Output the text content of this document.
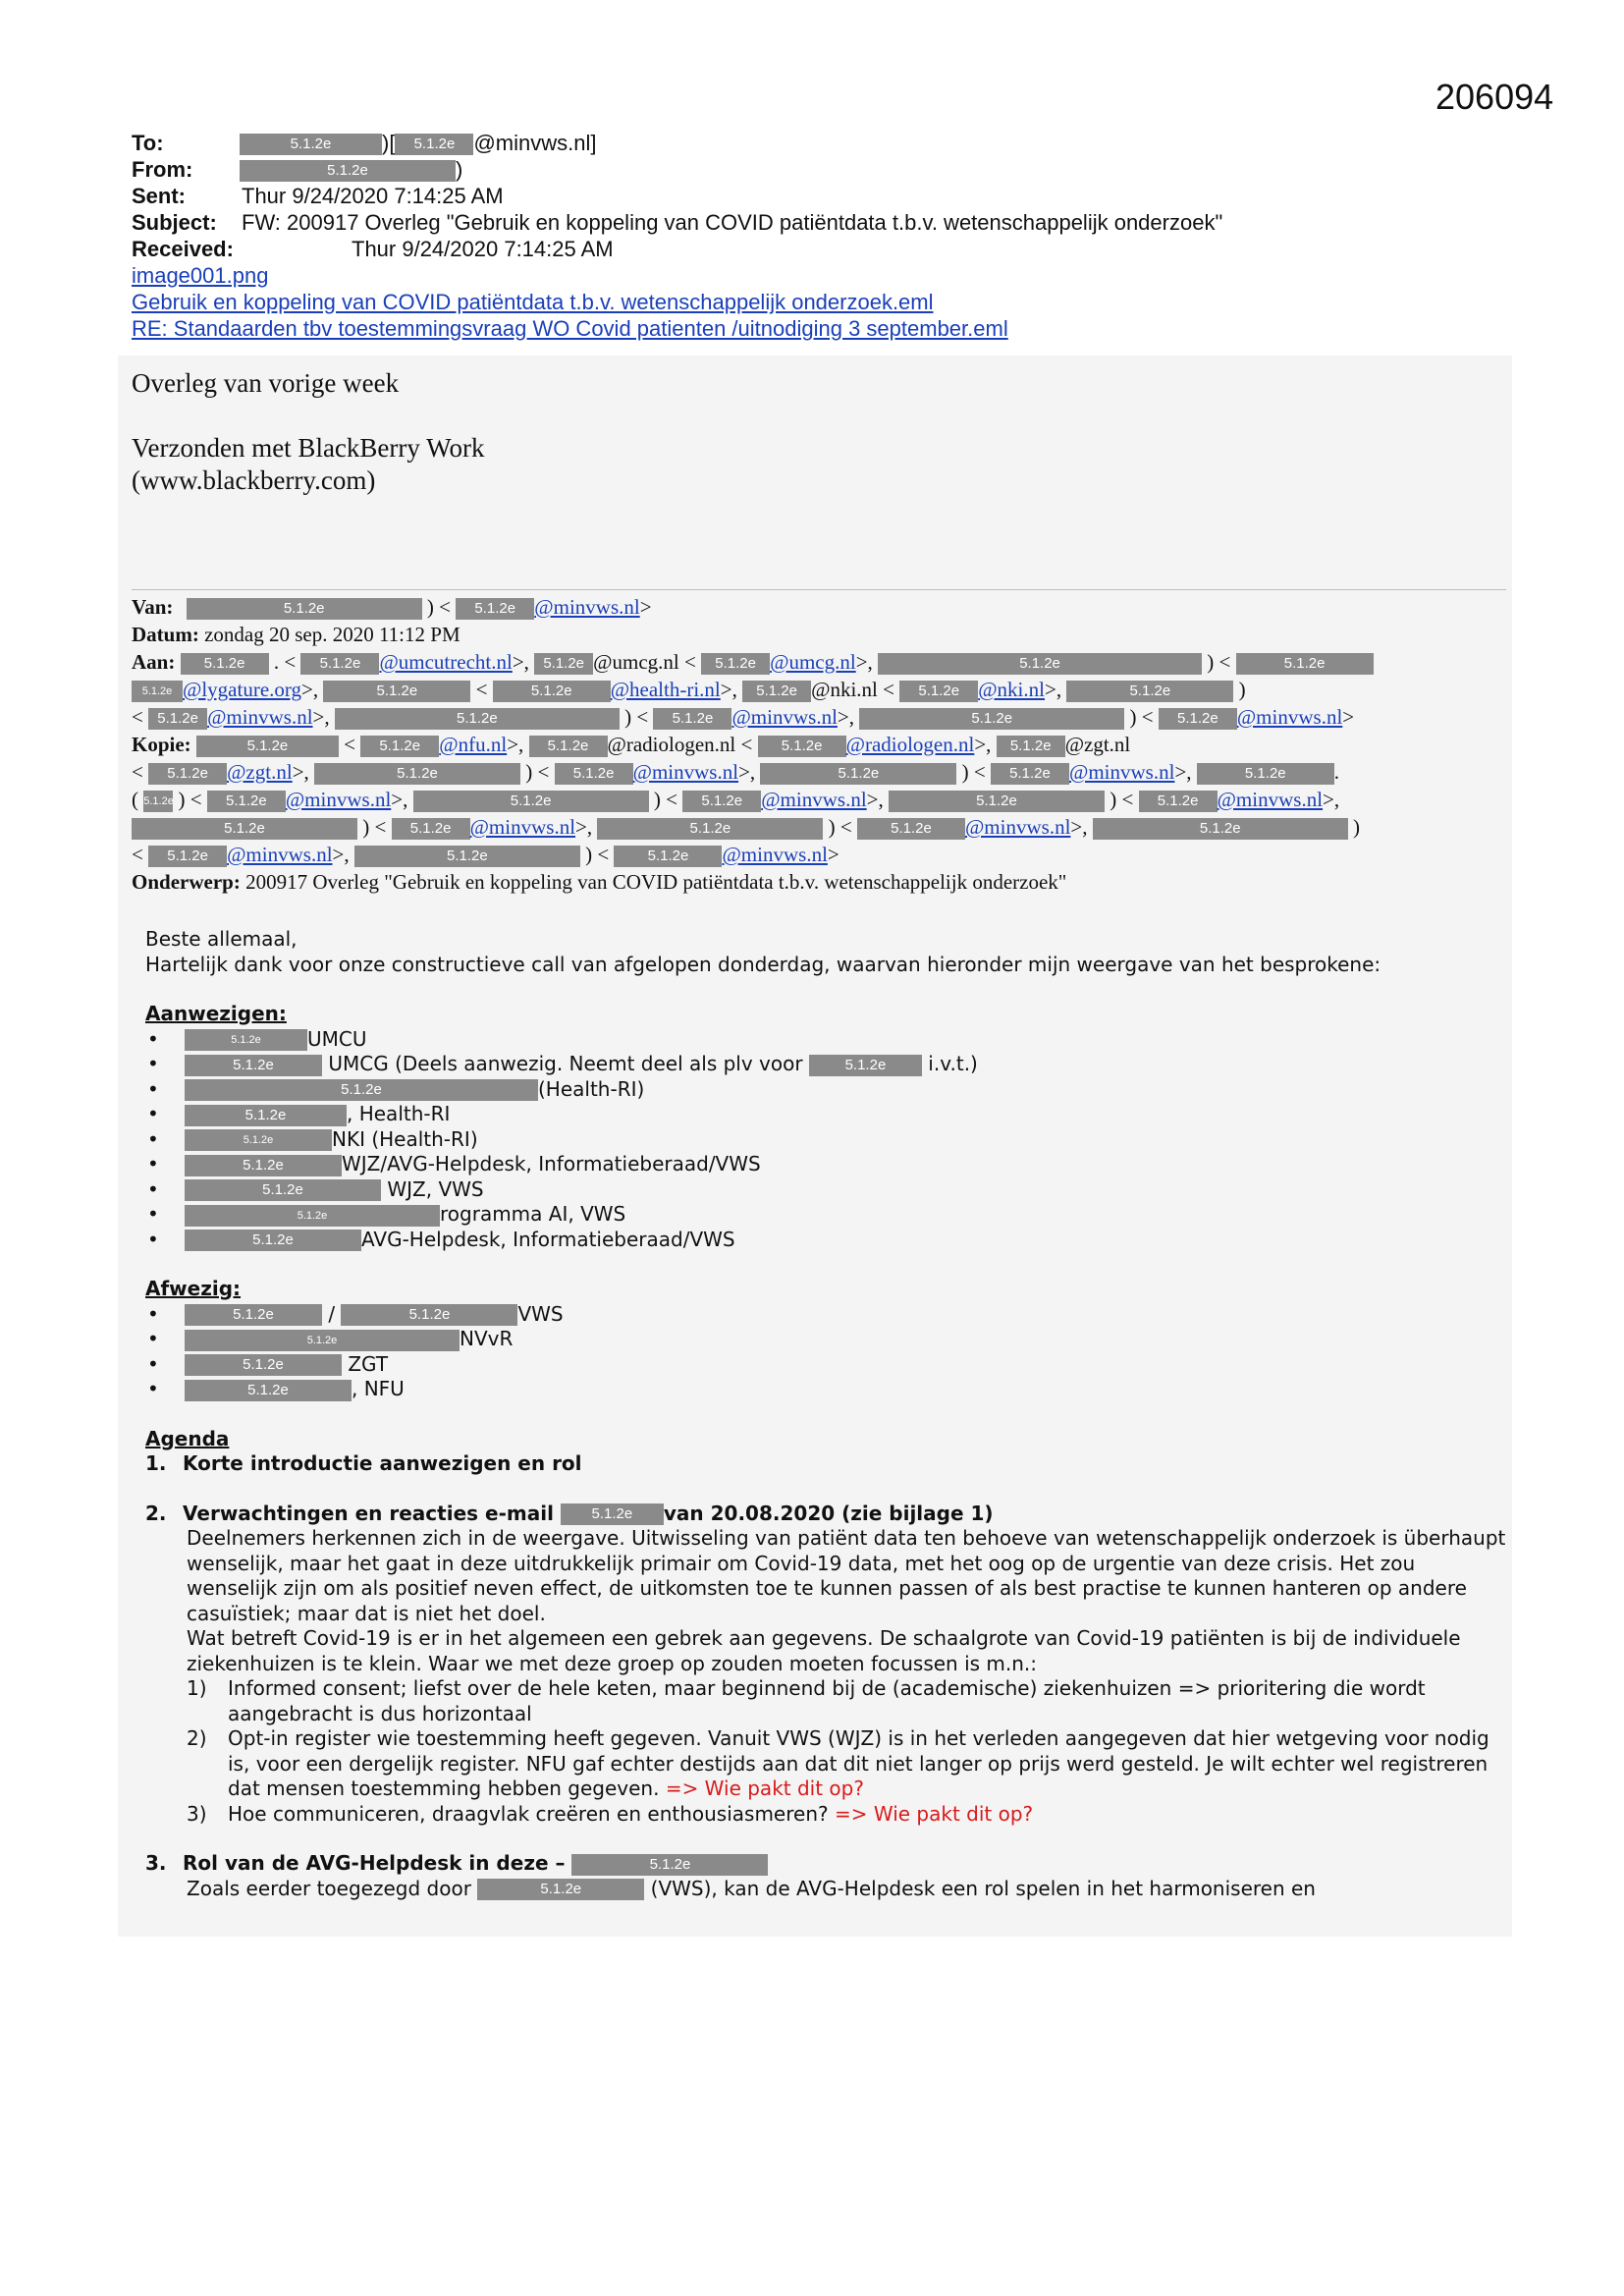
206094
To:	5.1.2e )[ 5.1.2e @minvws.nl]
From:	5.1.2e	)
Sent:	Thur 9/24/2020 7:14:25 AM
Subject: FW: 200917 Overleg "Gebruik en koppeling van COVID patiëntdata t.b.v. wetenschappelijk onderzoek"
Received:	Thur 9/24/2020 7:14:25 AM
image001.png
Gebruik en koppeling van COVID patiëntdata t.b.v. wetenschappelijk onderzoek.eml
RE: Standaarden tbv toestemmingsvraag WO Covid patienten /uitnodiging 3 september.eml
Overleg van vorige week
Verzonden met BlackBerry Work
(www.blackberry.com)
Van:	5.1.2e	) < 5.1.2e @minvws.nl>
Datum: zondag 20 sep. 2020 11:12 PM
Aan: 5.1.2e . < 5.1.2e @umcutrecht.nl>, 5.1.2e @umcg.nl < 5.1.2e @umcg.nl>,	5.1.2e	) <	5.1.2e
5.1.2e @lygature.org>,	5.1.2e	<	5.1.2e @health-ri.nl>, 5.1.2e @nki.nl < 5.1.2e @nki.nl>,	5.1.2e	)
< 5.1.2e @minvws.nl>,	5.1.2e	) < 5.1.2e @minvws.nl>,	5.1.2e	) < 5.1.2e @minvws.nl>
Kopie:	5.1.2e < 5.1.2e @nfu.nl>, 5.1.2e @radiologen.nl < 5.1.2e @radiologen.nl>, 5.1.2e @zgt.nl
< 5.1.2e @zgt.nl>,	5.1.2e	) < 5.1.2e @minvws.nl>,	5.1.2e	) < 5.1.2e @minvws.nl>,	5.1.2e .
( 5.1.2e ) < 5.1.2e @minvws.nl>,	5.1.2e	) < 5.1.2e @minvws.nl>,	5.1.2e	) < 5.1.2e @minvws.nl>,
5.1.2e	) < 5.1.2e @minvws.nl>,	5.1.2e	) < 5.1.2e @minvws.nl>,	5.1.2e	)
< 5.1.2e @minvws.nl>,	5.1.2e	) < 5.1.2e @minvws.nl>
Onderwerp: 200917 Overleg "Gebruik en koppeling van COVID patiëntdata t.b.v. wetenschappelijk onderzoek"

Beste allemaal,

Hartelijk dank voor onze constructieve call van afgelopen donderdag, waarvan hieronder mijn weergave van het besprokene:

Aanwezigen:

• 5.1.2e UMCU
• 5.1.2e	UMCG (Deels aanwezig. Neemt deel als plv voor	5.1.2e i.v.t.)
• 5.1.2e	(Health-RI)
• 5.1.2e	, Health-RI
• 5.1.2e	NKI (Health-RI)
• 5.1.2e	WJZ/AVG-Helpdesk, Informatieberaad/VWS
• 5.1.2e	WJZ, VWS
• 5.1.2e	rogramma AI, VWS
• 5.1.2e	AVG-Helpdesk, Informatieberaad/VWS

Afwezig:

• 5.1.2e /	5.1.2e	VWS
• 5.1.2e	NVvR
• 5.1.2e	ZGT
• 5.1.2e	, NFU

Agenda

1. Korte introductie aanwezigen en rol
2. Verwachtingen en reacties e-mail	5.1.2e van 20.08.2020 (zie bijlage 1)

Deelnemers herkennen zich in de weergave. Uitwisseling van patiënt data ten behoeve van wetenschappelijk onderzoek is überhaupt wenselijk, maar het gaat in deze uitdrukkelijk primair om Covid-19 data, met het oog op de urgentie van deze crisis. Het zou wenselijk zijn om als positief neven effect, de uitkomsten toe te kunnen passen of als best practise te kunnen hanteren op andere casuïstiek; maar dat is niet het doel.

Wat betreft Covid-19 is er in het algemeen een gebrek aan gegevens. De schaalgrote van Covid-19 patiënten is bij de individuele ziekenhuizen is te klein. Waar we met deze groep op zouden moeten focussen is m.n.:

1) Informed consent; liefst over de hele keten, maar beginnend bij de (academische) ziekenhuizen => prioritering die wordt aangebracht is dus horizontaal
2) Opt-in register wie toestemming heeft gegeven. Vanuit VWS (WJZ) is in het verleden aangegeven dat hier wetgeving voor nodig is, voor een dergelijk register. NFU gaf echter destijds aan dat dit niet langer op prijs werd gesteld. Je wilt echter wel registreren dat mensen toestemming hebben gegeven. => Wie pakt dit op?
3) Hoe communiceren, draagvlak creëren en enthousiasmeren? => Wie pakt dit op?
3. Rol van de AVG-Helpdesk in deze –	5.1.2e

Zoals eerder toegezegd door	5.1.2e	(VWS), kan de AVG-Helpdesk een rol spelen in het harmoniseren en
